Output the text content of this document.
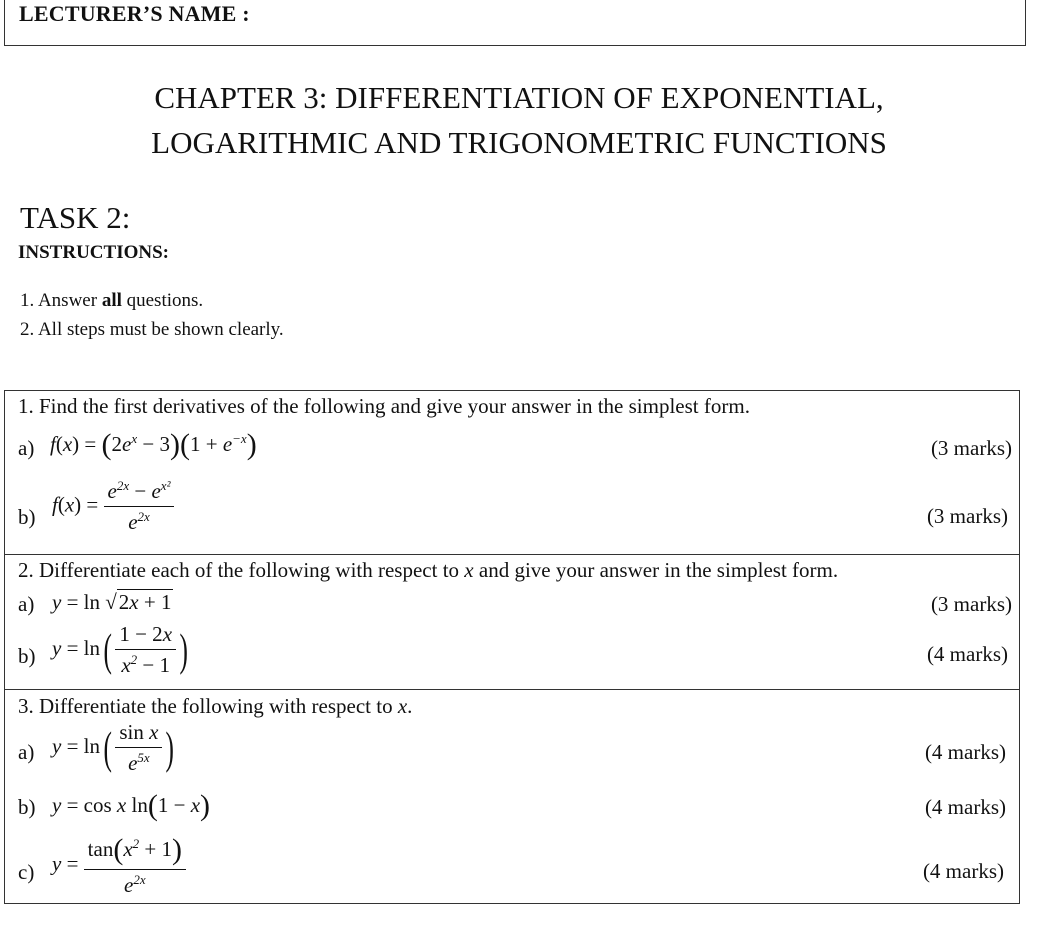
LECTURER’S NAME :
CHAPTER 3: DIFFERENTIATION OF EXPONENTIAL,
LOGARITHMIC AND TRIGONOMETRIC FUNCTIONS
TASK 2:
INSTRUCTIONS:
1. Answer all questions.
2. All steps must be shown clearly.
1. Find the first derivatives of the following and give your answer in the simplest form.
a) $f(x) = (2e^x - 3)(1 + e^{-x})$	(3 marks)
b)
$f(x) = \frac{e^{2x} - e^{x^2}}{e^{2x}}$	(3 marks)
2. Differentiate each of the following with respect to x and give your answer in the simplest form.
a) y = ln √2x + 1	(3 marks)
b) $y = \ln( \frac{1 - 2x}{x^2 - 1}$ )	(4 marks)
3. Differentiate the following with respect to x.
a) $y = \ln( \frac{\text{sin x}}{e^{5x}}$ )	(4 marks)
b) y = cos x ln(1 − x)	(4 marks)
c) $y = \frac{\tan(x^2 + 1)}{e^{2x}}$	(4 marks)
